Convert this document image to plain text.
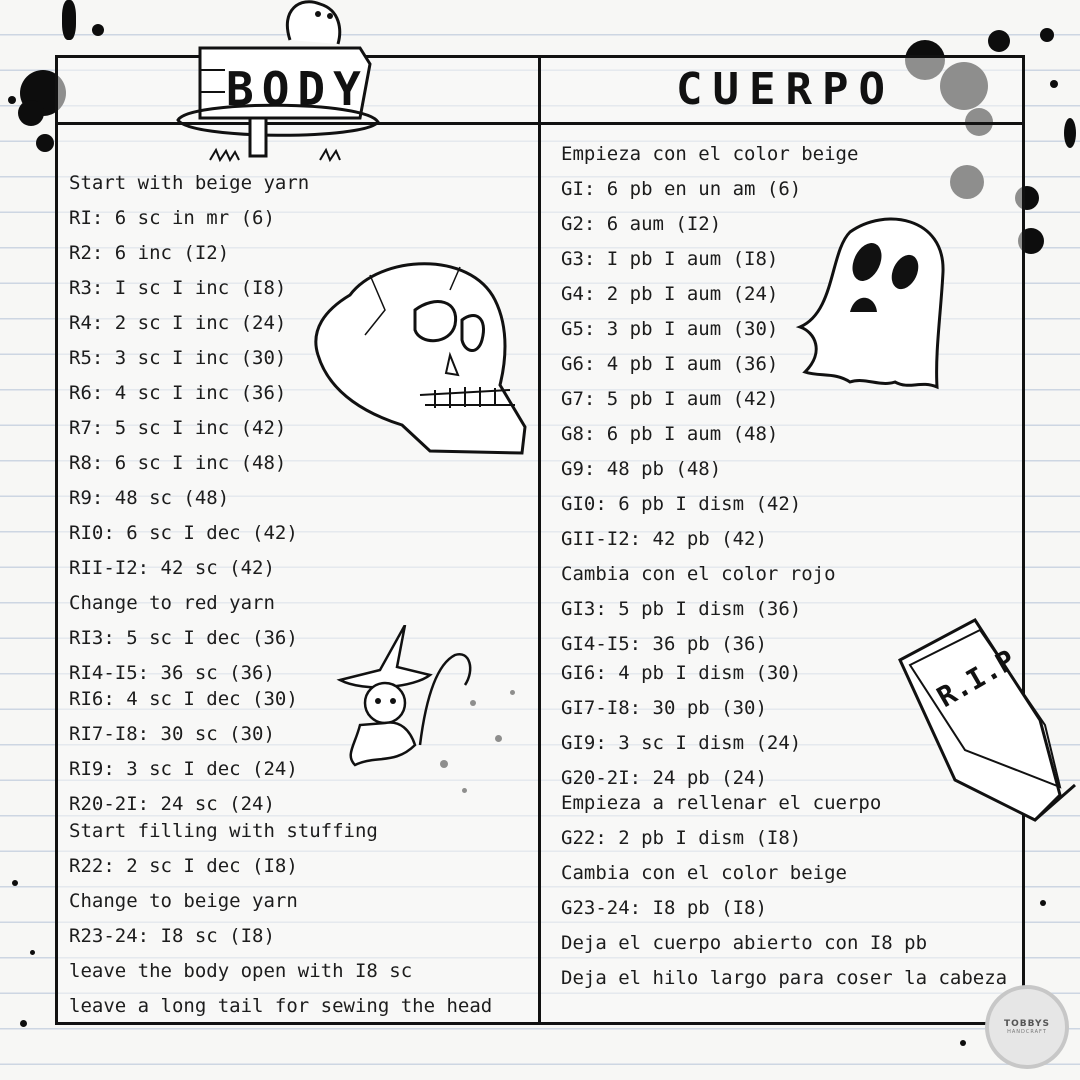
BODY	CUERPO
R.I.P
Start with beige yarn
RI: 6 sc in mr (6)
R2: 6 inc (I2)
R3: I sc I inc (I8)
R4: 2 sc I inc (24)
R5: 3 sc I inc (30)
R6: 4 sc I inc (36)
R7: 5 sc I inc (42)
R8: 6 sc I inc (48)
R9: 48 sc (48)
RI0: 6 sc I dec (42)
RII-I2: 42 sc (42)
Change to red yarn
RI3: 5 sc I dec (36)
RI4-I5: 36 sc (36)
RI6: 4 sc I dec (30)
RI7-I8: 30 sc (30)
RI9: 3 sc I dec (24)
R20-2I: 24 sc (24)
Start filling with stuffing
R22: 2 sc I dec (I8)
Change to beige yarn
R23-24: I8 sc (I8)
leave the body open with I8 sc
leave a long tail for sewing the head
Empieza con el color beige
GI: 6 pb en un am (6)
G2: 6 aum (I2)
G3: I pb I aum (I8)
G4: 2 pb I aum (24)
G5: 3 pb I aum (30)
G6: 4 pb I aum (36)
G7: 5 pb I aum (42)
G8: 6 pb I aum (48)
G9: 48 pb (48)
GI0: 6 pb I dism (42)
GII-I2: 42 pb (42)
Cambia con el color rojo
GI3: 5 pb I dism (36)
GI4-I5: 36 pb (36)
GI6: 4 pb I dism (30)
GI7-I8: 30 pb (30)
GI9: 3 sc I dism (24)
G20-2I: 24 pb (24)
Empieza a rellenar el cuerpo
G22: 2 pb I dism (I8)
Cambia con el color beige
G23-24: I8 pb (I8)
Deja el cuerpo abierto con I8 pb
Deja el hilo largo para coser la cabeza
TOBBYS
HANDCRAFT
